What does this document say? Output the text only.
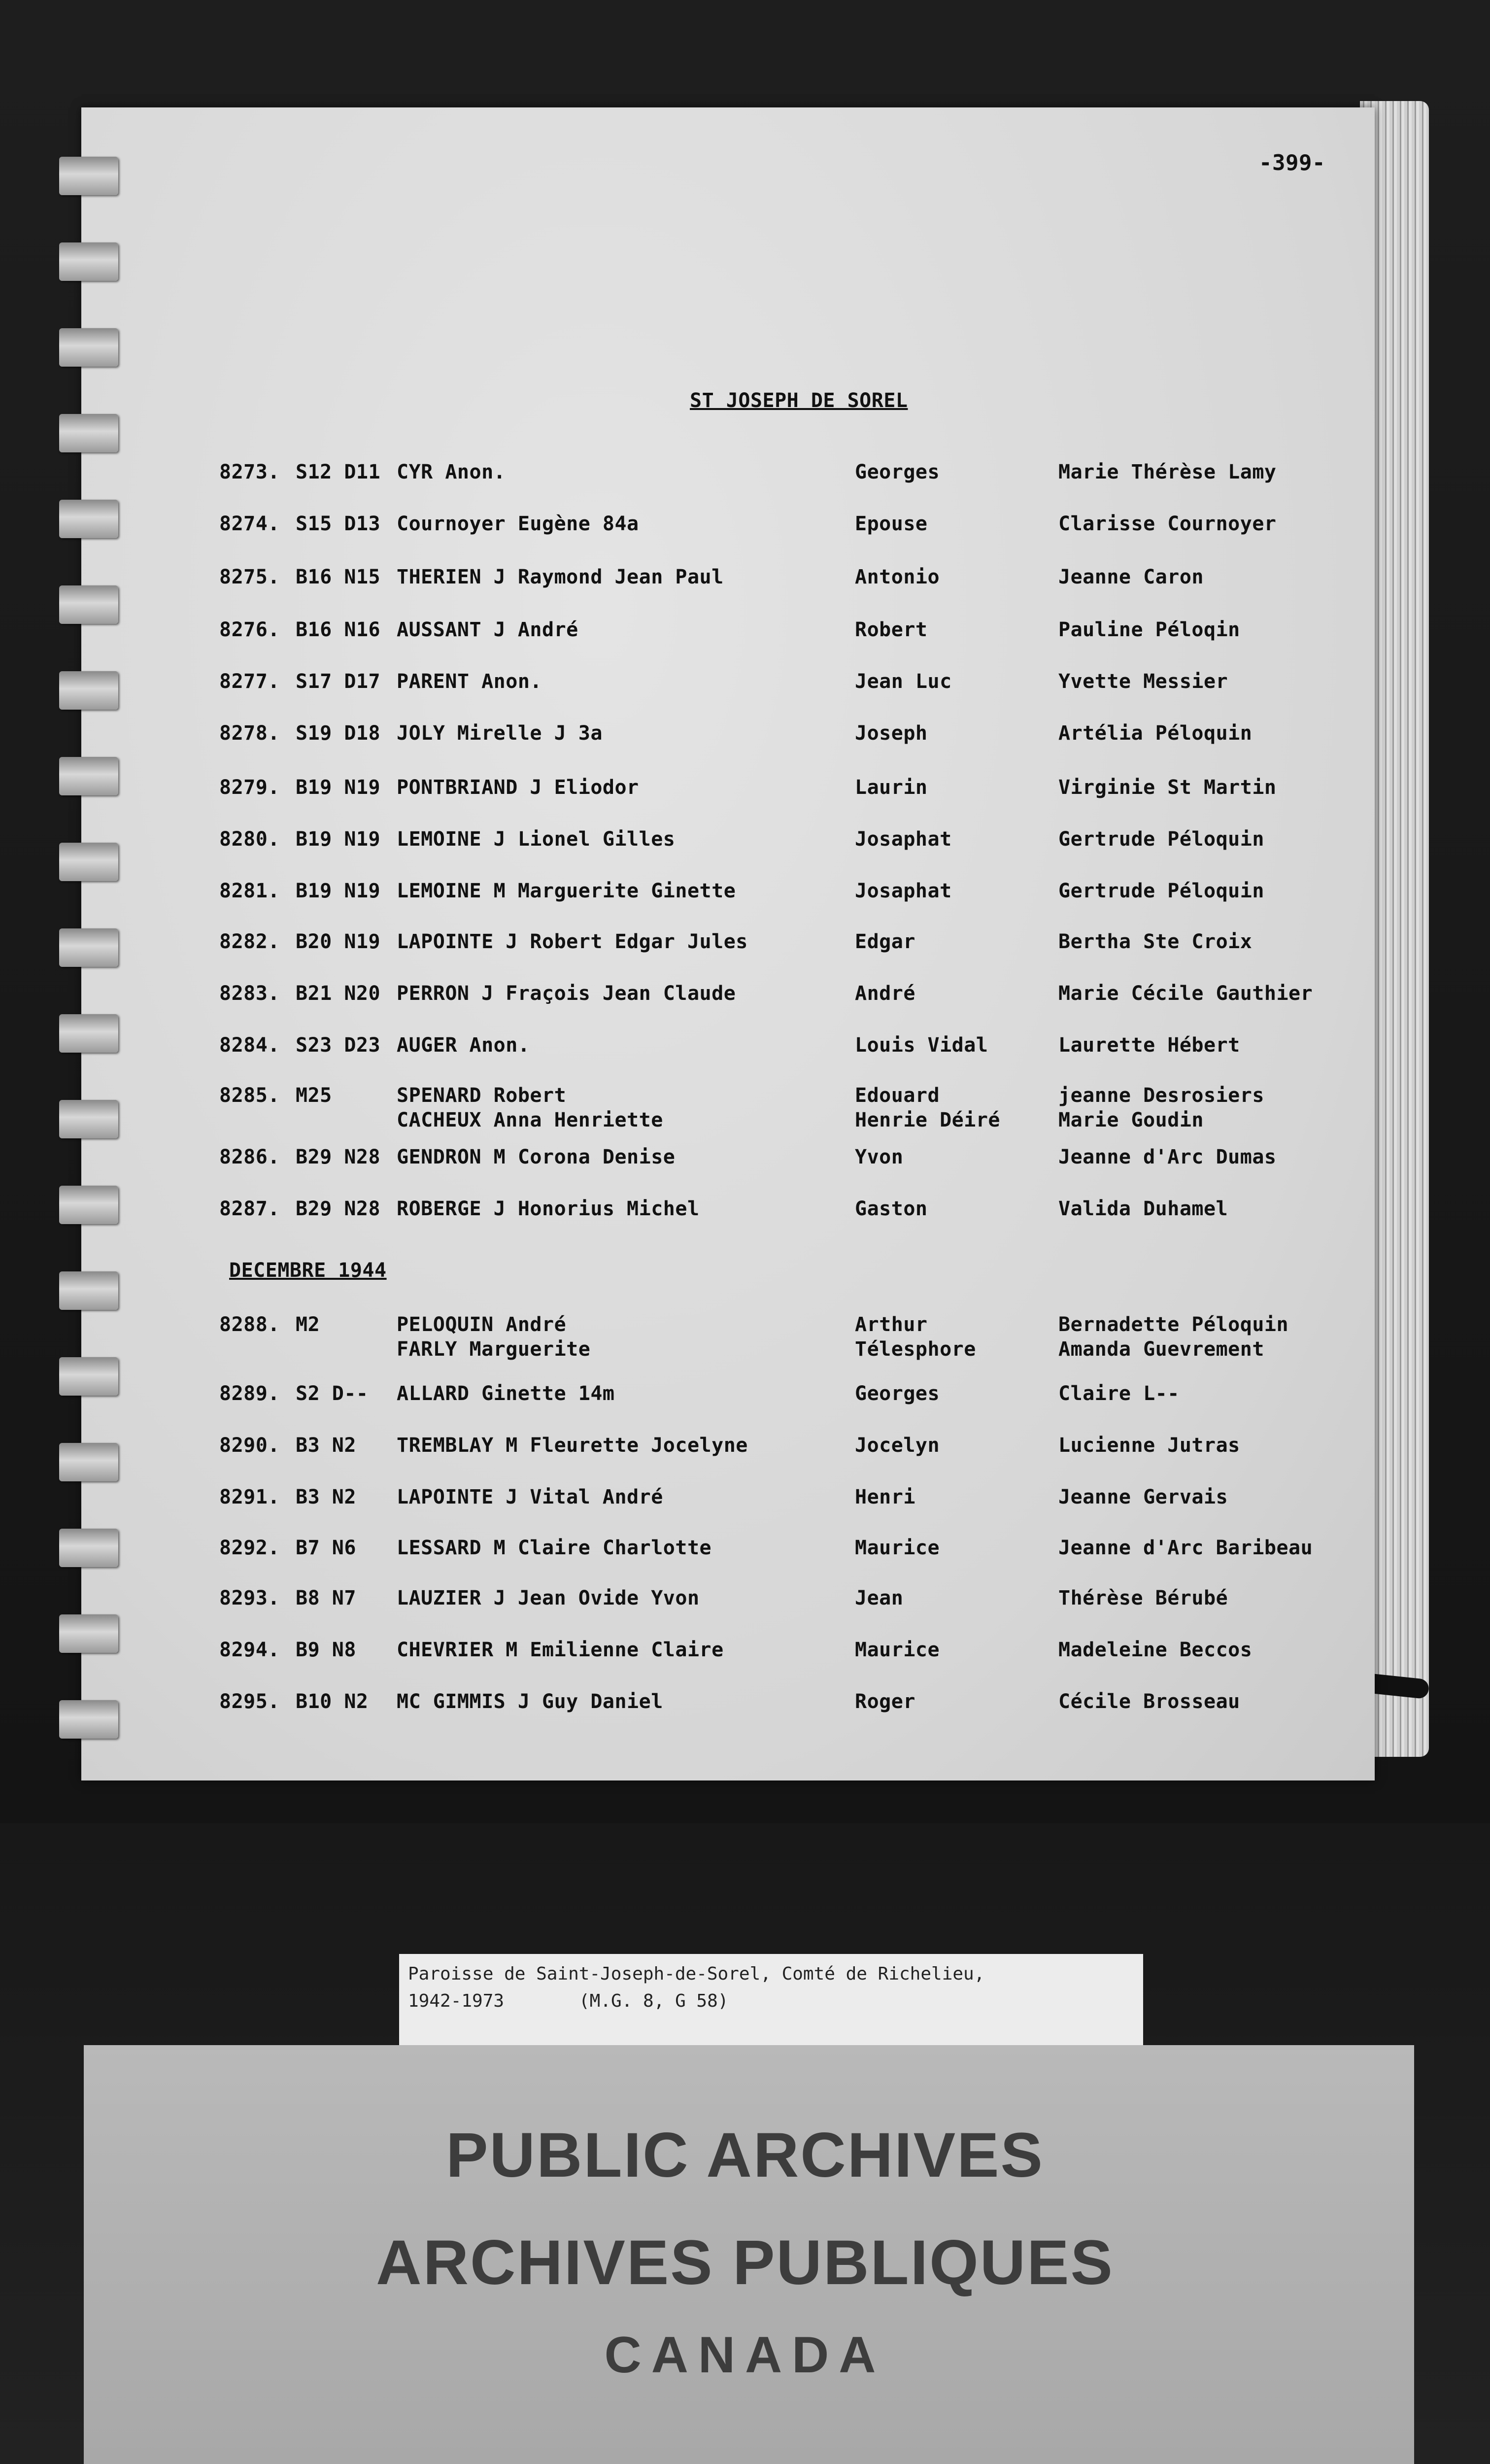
-399-
ST JOSEPH DE SOREL
DECEMBRE 1944
8273. S12 D11 CYR Anon.	Georges	Marie Thérèse Lamy
8274. S15 D13 Cournoyer Eugène 84a	Epouse	Clarisse Cournoyer
8275. B16 N15 THERIEN J Raymond Jean Paul	Antonio	Jeanne Caron
8276. B16 N16 AUSSANT J André	Robert	Pauline Péloqin
8277. S17 D17 PARENT Anon.	Jean Luc	Yvette Messier
8278. S19 D18 JOLY Mirelle J 3a	Joseph	Artélia Péloquin
8279. B19 N19 PONTBRIAND J Eliodor	Laurin	Virginie St Martin
8280. B19 N19 LEMOINE J Lionel Gilles	Josaphat	Gertrude Péloquin
8281. B19 N19 LEMOINE M Marguerite Ginette	Josaphat	Gertrude Péloquin
8282. B20 N19 LAPOINTE J Robert Edgar Jules	Edgar	Bertha Ste Croix
8283. B21 N20 PERRON J Fraçois Jean Claude	André	Marie Cécile Gauthier
8284. S23 D23 AUGER Anon.	Louis Vidal	Laurette Hébert
8285. M25	SPENARD Robert	Edouard	jeanne Desrosiers
CACHEUX Anna Henriette	Henrie Déiré	Marie Goudin
8286. B29 N28 GENDRON M Corona Denise	Yvon	Jeanne d'Arc Dumas
8287. B29 N28 ROBERGE J Honorius Michel	Gaston	Valida Duhamel
8288. M2	PELOQUIN André	Arthur	Bernadette Péloquin
FARLY Marguerite	Télesphore	Amanda Guevrement
8289. S2 D-- ALLARD Ginette 14m	Georges	Claire L--
8290. B3 N2 TREMBLAY M Fleurette Jocelyne	Jocelyn	Lucienne Jutras
8291. B3 N2 LAPOINTE J Vital André	Henri	Jeanne Gervais
8292. B7 N6 LESSARD M Claire Charlotte	Maurice	Jeanne d'Arc Baribeau
8293. B8 N7 LAUZIER J Jean Ovide Yvon	Jean	Thérèse Bérubé
8294. B9 N8 CHEVRIER M Emilienne Claire	Maurice	Madeleine Beccos
8295. B10 N2 MC GIMMIS J Guy Daniel	Roger	Cécile Brosseau
Paroisse de Saint-Joseph-de-Sorel, Comté de Richelieu,
1942-1973	(M.G. 8, G 58)
PUBLIC ARCHIVES
ARCHIVES PUBLIQUES
CANADA
